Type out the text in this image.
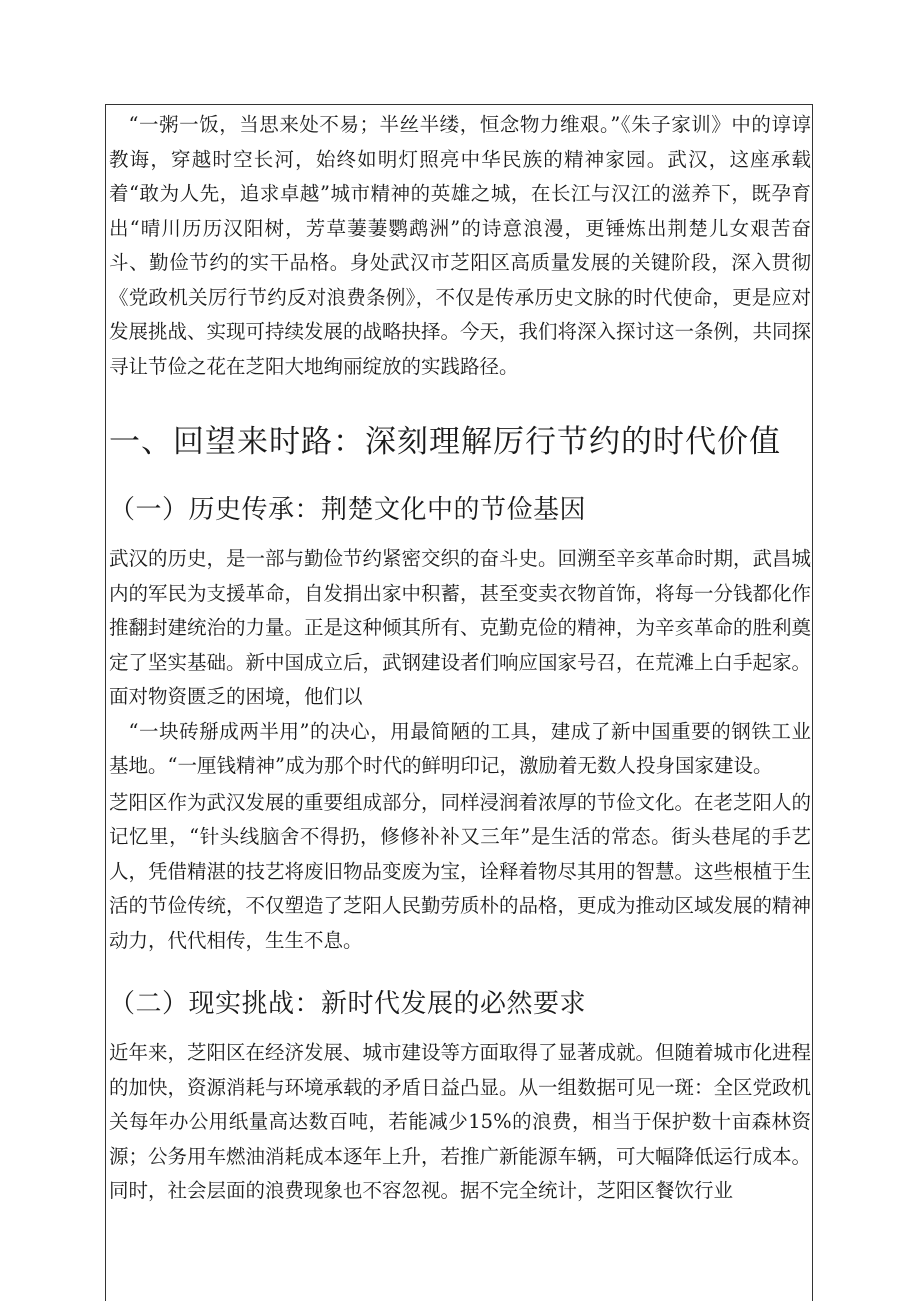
“一粥一饭，当思来处不易；半丝半缕，恒念物力维艰。”《朱子家训》中的谆谆教诲，穿越时空长河，始终如明灯照亮中华民族的精神家园。武汉，这座承载着“敢为人先，追求卓越”城市精神的英雄之城，在长江与汉江的滋养下，既孕育出“晴川历历汉阳树，芳草萋萋鹦鹉洲”的诗意浪漫，更锤炼出荆楚儿女艰苦奋斗、勤俭节约的实干品格。身处武汉市芝阳区高质量发展的关键阶段，深入贯彻《党政机关厉行节约反对浪费条例》，不仅是传承历史文脉的时代使命，更是应对发展挑战、实现可持续发展的战略抉择。今天，我们将深入探讨这一条例，共同探寻让节俭之花在芝阳大地绚丽绽放的实践路径。

一、回望来时路：深刻理解厉行节约的时代价值
（一）历史传承：荆楚文化中的节俭基因

武汉的历史，是一部与勤俭节约紧密交织的奋斗史。回溯至辛亥革命时期，武昌城内的军民为支援革命，自发捐出家中积蓄，甚至变卖衣物首饰，将每一分钱都化作推翻封建统治的力量。正是这种倾其所有、克勤克俭的精神，为辛亥革命的胜利奠定了坚实基础。新中国成立后，武钢建设者们响应国家号召，在荒滩上白手起家。面对物资匮乏的困境，他们以

“一块砖掰成两半用”的决心，用最简陋的工具，建成了新中国重要的钢铁工业基地。“一厘钱精神”成为那个时代的鲜明印记，激励着无数人投身国家建设。

芝阳区作为武汉发展的重要组成部分，同样浸润着浓厚的节俭文化。在老芝阳人的记忆里，“针头线脑舍不得扔，修修补补又三年”是生活的常态。街头巷尾的手艺人，凭借精湛的技艺将废旧物品变废为宝，诠释着物尽其用的智慧。这些根植于生活的节俭传统，不仅塑造了芝阳人民勤劳质朴的品格，更成为推动区域发展的精神动力，代代相传，生生不息。

（二）现实挑战：新时代发展的必然要求

近年来，芝阳区在经济发展、城市建设等方面取得了显著成就。但随着城市化进程的加快，资源消耗与环境承载的矛盾日益凸显。从一组数据可见一斑：全区党政机关每年办公用纸量高达数百吨，若能减少15%的浪费，相当于保护数十亩森林资源；公务用车燃油消耗成本逐年上升，若推广新能源车辆，可大幅降低运行成本。同时，社会层面的浪费现象也不容忽视。据不完全统计，芝阳区餐饮行业
